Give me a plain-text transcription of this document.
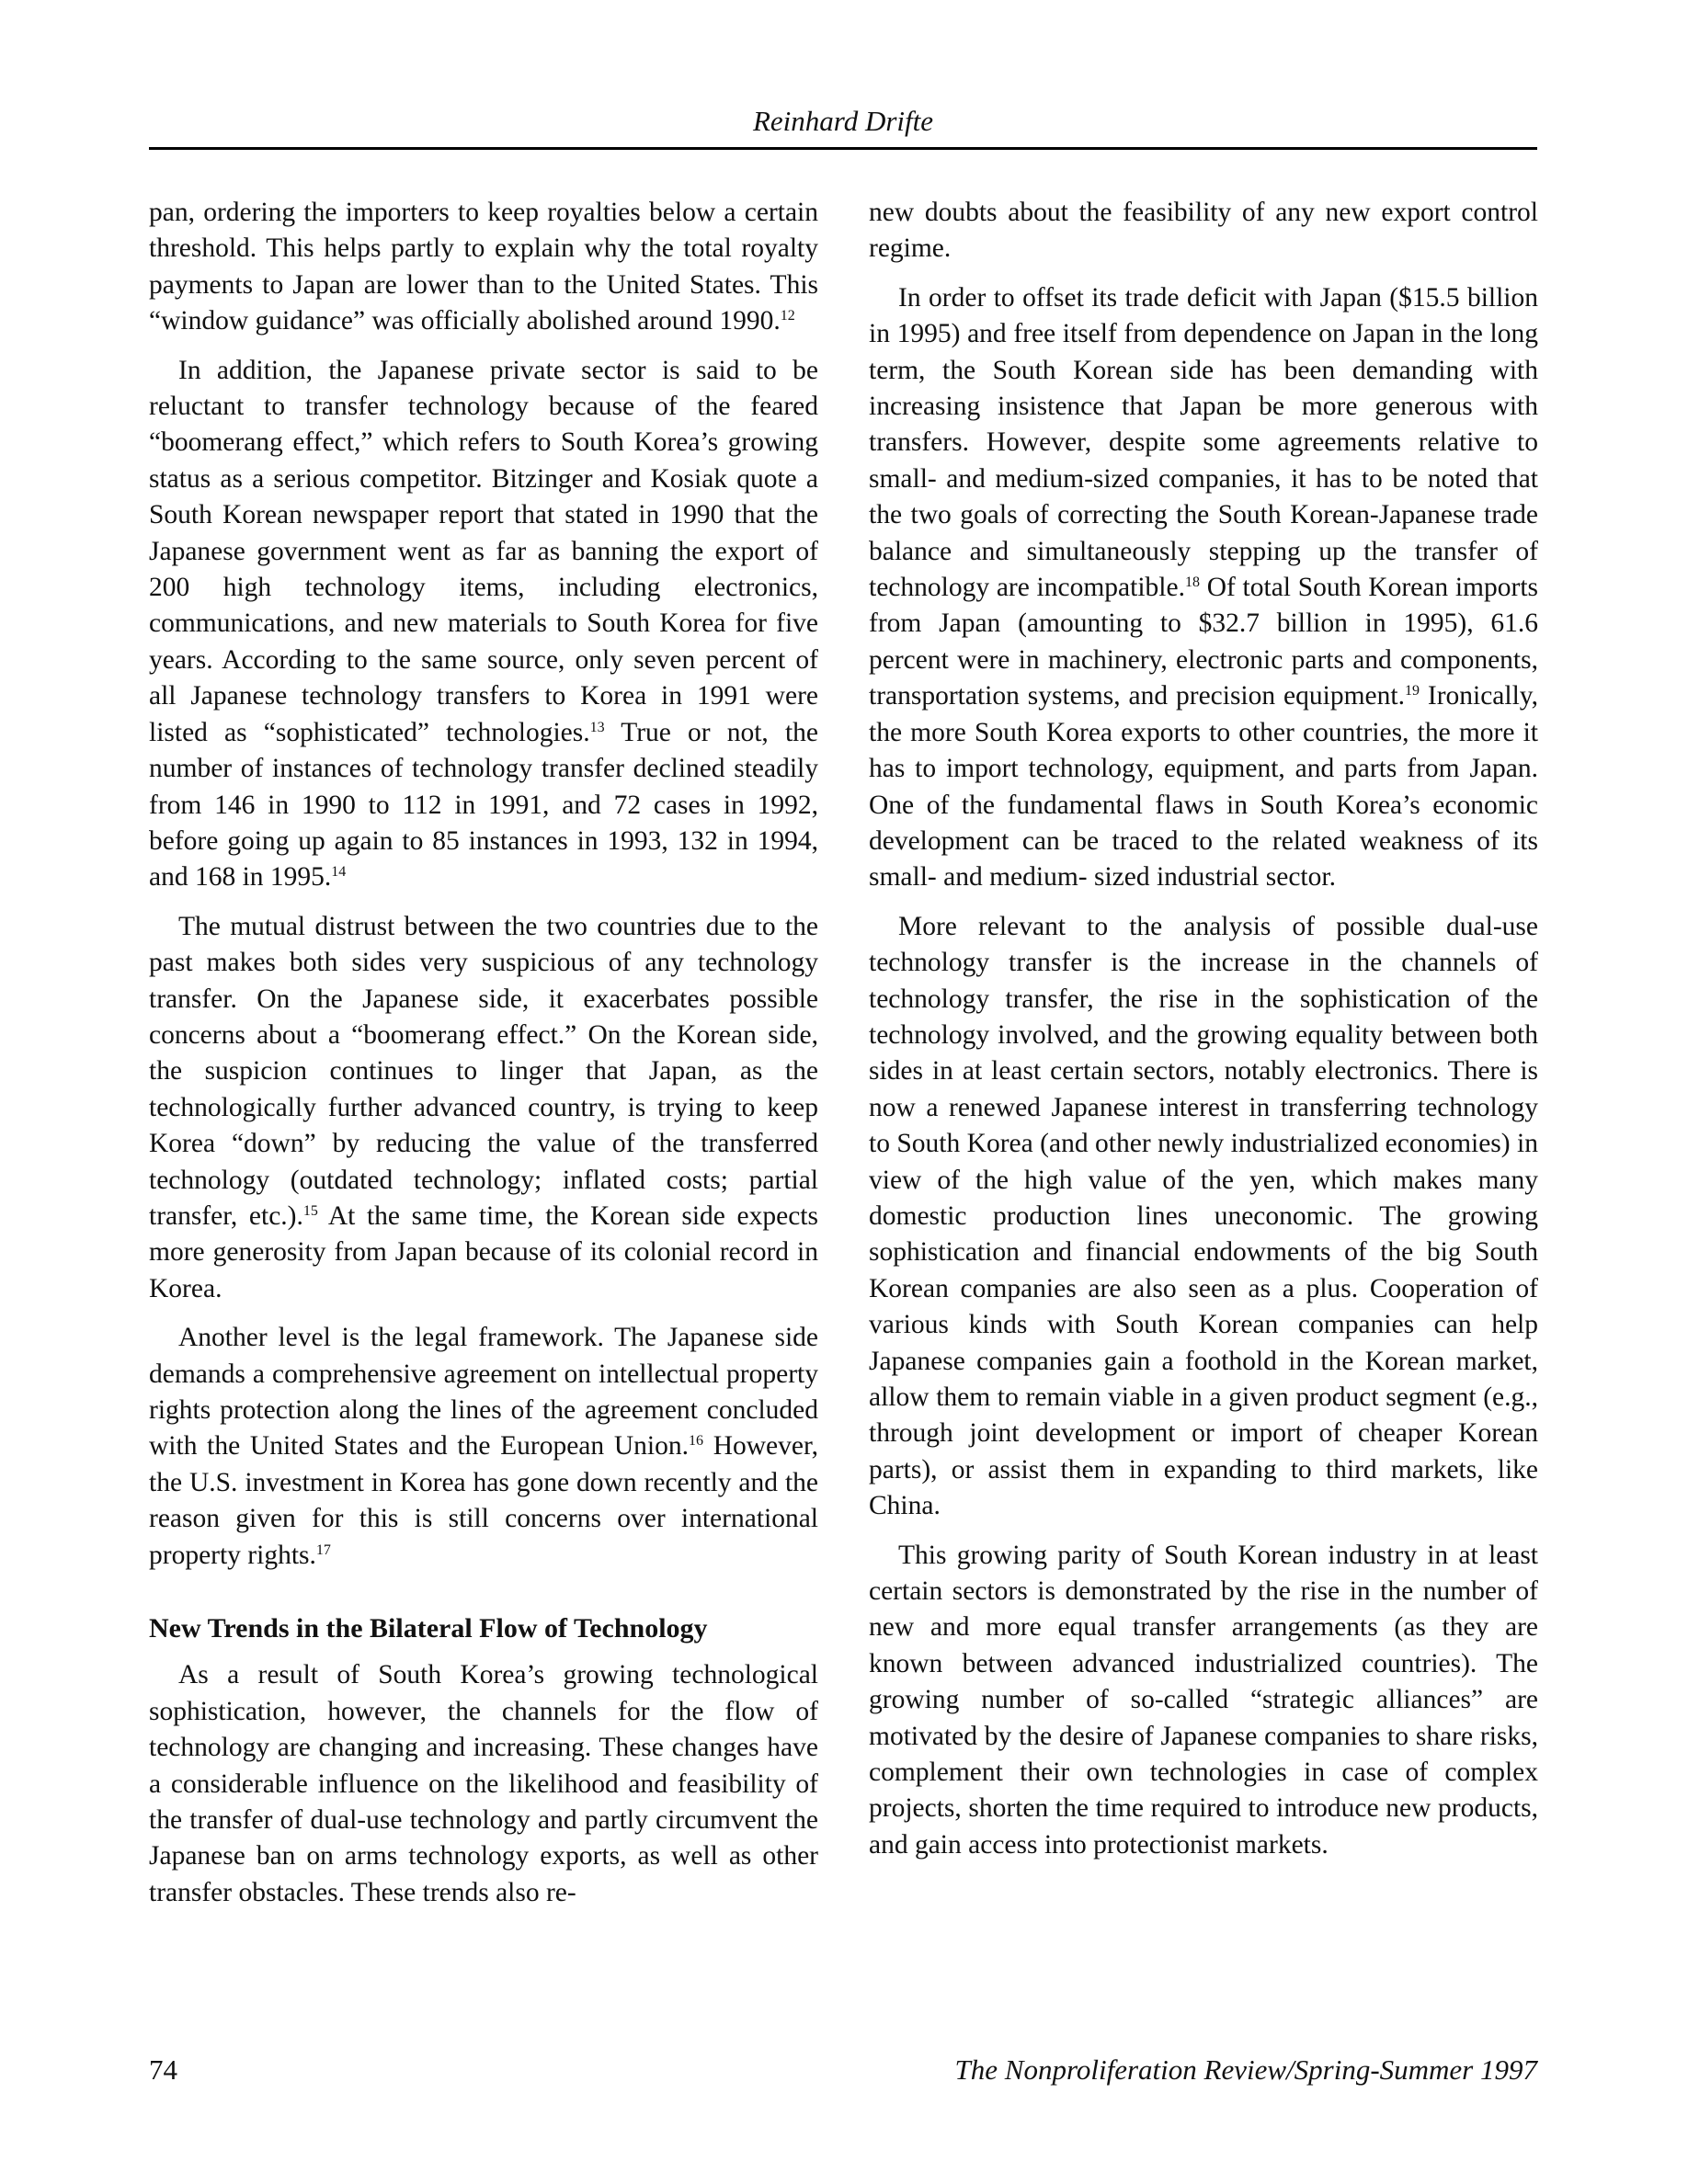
Reinhard Drifte

pan, ordering the importers to keep royalties below a certain threshold. This helps partly to explain why the total royalty payments to Japan are lower than to the United States. This “window guidance” was officially abolished around 1990.12

In addition, the Japanese private sector is said to be reluctant to transfer technology because of the feared “boomerang effect,” which refers to South Korea’s growing status as a serious competitor. Bitzinger and Kosiak quote a South Korean newspaper report that stated in 1990 that the Japanese government went as far as banning the export of 200 high technology items, including electronics, communications, and new materials to South Korea for five years. According to the same source, only seven percent of all Japanese technology transfers to Korea in 1991 were listed as “sophisticated” technologies.$^{13}$ True or not, the number of instances of technology transfer declined steadily from 146 in 1990 to 112 in 1991, and 72 cases in 1992, before going up again to 85 instances in 1993, 132 in 1994, and 168 in 1995.14

The mutual distrust between the two countries due to the past makes both sides very suspicious of any technology transfer. On the Japanese side, it exacerbates possible concerns about a “boomerang effect.” On the Korean side, the suspicion continues to linger that Japan, as the technologically further advanced country, is trying to keep Korea “down” by reducing the value of the transferred technology (outdated technology; inflated costs; partial transfer, etc.).$^{15}$ At the same time, the Korean side expects more generosity from Japan because of its colonial record in Korea.

Another level is the legal framework. The Japanese side demands a comprehensive agreement on intellectual property rights protection along the lines of the agreement concluded with the United States and the European Union.$^{16}$ However, the U.S. investment in Korea has gone down recently and the reason given for this is still concerns over international property rights.$^{17}$

New Trends in the Bilateral Flow of Technology

As a result of South Korea’s growing technological sophistication, however, the channels for the flow of technology are changing and increasing. These changes have a considerable influence on the likelihood and feasibility of the transfer of dual-use technology and partly circumvent the Japanese ban on arms technology exports, as well as other transfer obstacles. These trends also re-

new doubts about the feasibility of any new export control regime.

In order to offset its trade deficit with Japan ($15.5 billion in 1995) and free itself from dependence on Japan in the long term, the South Korean side has been demanding with increasing insistence that Japan be more generous with transfers. However, despite some agreements relative to small- and medium-sized companies, it has to be noted that the two goals of correcting the South Korean-Japanese trade balance and simultaneously stepping up the transfer of technology are incompatible.$^{18}$ Of total South Korean imports from Japan (amounting to $32.7 billion in 1995), 61.6 percent were in machinery, electronic parts and components, transportation systems, and precision equipment.$^{19}$ Ironically, the more South Korea exports to other countries, the more it has to import technology, equipment, and parts from Japan. One of the fundamental flaws in South Korea’s economic development can be traced to the related weakness of its small- and medium- sized industrial sector.

More relevant to the analysis of possible dual-use technology transfer is the increase in the channels of technology transfer, the rise in the sophistication of the technology involved, and the growing equality between both sides in at least certain sectors, notably electronics. There is now a renewed Japanese interest in transferring technology to South Korea (and other newly industrialized economies) in view of the high value of the yen, which makes many domestic production lines uneconomic. The growing sophistication and financial endowments of the big South Korean companies are also seen as a plus. Cooperation of various kinds with South Korean companies can help Japanese companies gain a foothold in the Korean market, allow them to remain viable in a given product segment (e.g., through joint development or import of cheaper Korean parts), or assist them in expanding to third markets, like China.

This growing parity of South Korean industry in at least certain sectors is demonstrated by the rise in the number of new and more equal transfer arrangements (as they are known between advanced industrialized countries). The growing number of so-called “strategic alliances” are motivated by the desire of Japanese companies to share risks, complement their own technologies in case of complex projects, shorten the time required to introduce new products, and gain access into protectionist markets.

74	The Nonproliferation Review/Spring-Summer 1997
